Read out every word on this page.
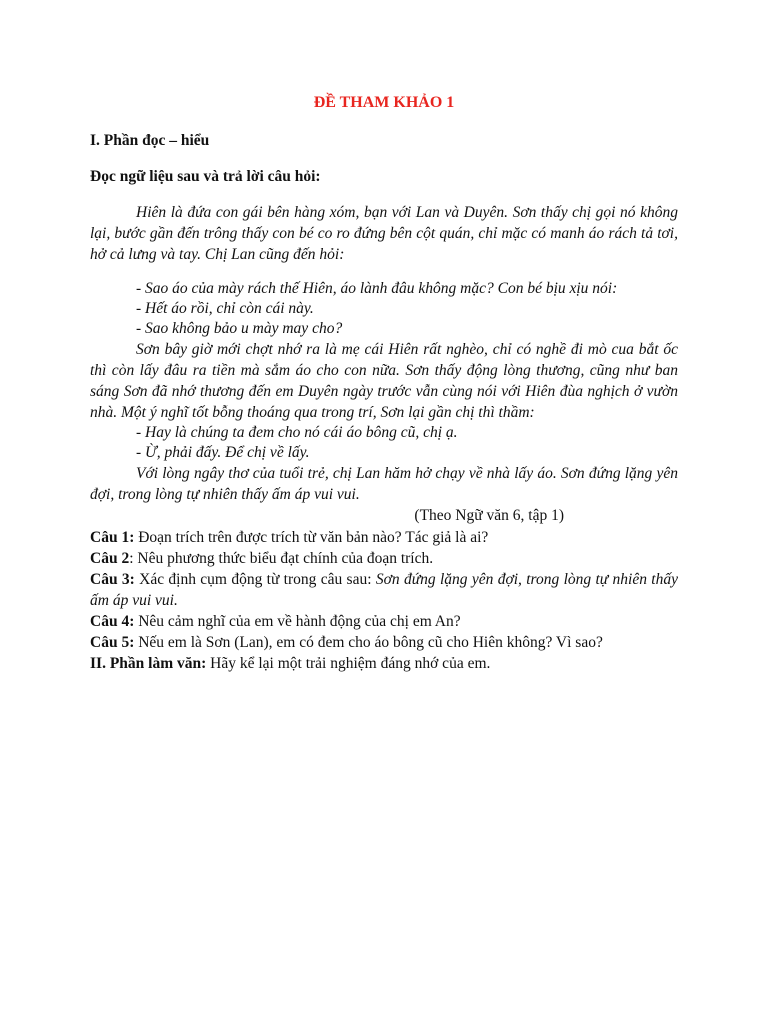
ĐỀ THAM KHẢO 1
I. Phần đọc – hiểu
Đọc ngữ liệu sau và trả lời câu hỏi:

Hiên là đứa con gái bên hàng xóm, bạn với Lan và Duyên. Sơn thấy chị gọi nó không lại, bước gần đến trông thấy con bé co ro đứng bên cột quán, chỉ mặc có manh áo rách tả tơi, hở cả lưng và tay. Chị Lan cũng đến hỏi:

- Sao áo của mày rách thế Hiên, áo lành đâu không mặc? Con bé bịu xịu nói:

- Hết áo rồi, chỉ còn cái này.

- Sao không bảo u mày may cho?

Sơn bây giờ mới chợt nhớ ra là mẹ cái Hiên rất nghèo, chỉ có nghề đi mò cua bắt ốc thì còn lấy đâu ra tiền mà sắm áo cho con nữa. Sơn thấy động lòng thương, cũng như ban sáng Sơn đã nhớ thương đến em Duyên ngày trước vẫn cùng nói với Hiên đùa nghịch ở vườn nhà. Một ý nghĩ tốt bỗng thoáng qua trong trí, Sơn lại gần chị thì thầm:

- Hay là chúng ta đem cho nó cái áo bông cũ, chị ạ.

- Ừ, phải đấy. Để chị về lấy.

Với lòng ngây thơ của tuổi trẻ, chị Lan hăm hở chạy về nhà lấy áo. Sơn đứng lặng yên đợi, trong lòng tự nhiên thấy ấm áp vui vui.

(Theo Ngữ văn 6, tập 1)

Câu 1: Đoạn trích trên được trích từ văn bản nào? Tác giả là ai?

Câu 2: Nêu phương thức biểu đạt chính của đoạn trích.

Câu 3: Xác định cụm động từ trong câu sau: Sơn đứng lặng yên đợi, trong lòng tự nhiên thấy ấm áp vui vui.

Câu 4: Nêu cảm nghĩ của em về hành động của chị em An?

Câu 5: Nếu em là Sơn (Lan), em có đem cho áo bông cũ cho Hiên không? Vì sao?

II. Phần làm văn: Hãy kể lại một trải nghiệm đáng nhớ của em.
